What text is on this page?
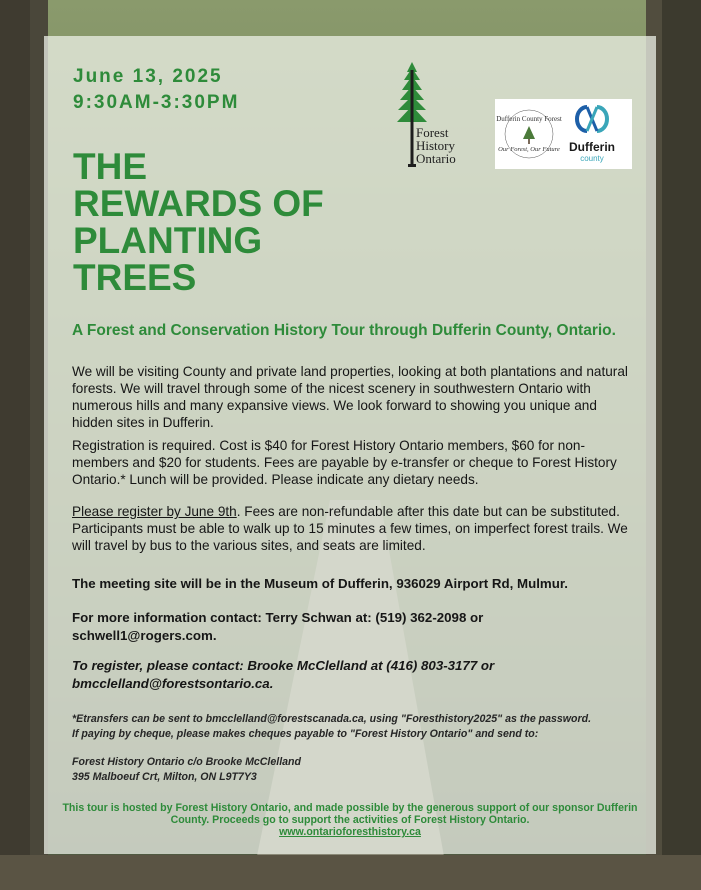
June 13, 2025
9:30AM-3:30PM
THE
REWARDS OF
PLANTING
TREES
Forest
History
Ontario
Dufferin County Forest
Our Forest, Our Future Dufferin
county
A Forest and Conservation History Tour through Dufferin County, Ontario.
We will be visiting County and private land properties, looking at both plantations and natural forests. We will travel through some of the nicest scenery in southwestern Ontario with numerous hills and many expansive views. We look forward to showing you unique and hidden sites in Dufferin.
Registration is required. Cost is $40 for Forest History Ontario members, $60 for non-members and $20 for students. Fees are payable by e-transfer or cheque to Forest History Ontario.* Lunch will be provided. Please indicate any dietary needs.
Please register by June 9th. Fees are non-refundable after this date but can be substituted. Participants must be able to walk up to 15 minutes a few times, on imperfect forest trails. We will travel by bus to the various sites, and seats are limited.
The meeting site will be in the Museum of Dufferin, 936029 Airport Rd, Mulmur.
For more information contact: Terry Schwan at: (519) 362-2098 or schwell1@rogers.com.
To register, please contact: Brooke McClelland at (416) 803-3177 or bmcclelland@forestsontario.ca.
*Etransfers can be sent to bmcclelland@forestscanada.ca, using "Foresthistory2025" as the password.
If paying by cheque, please makes cheques payable to "Forest History Ontario" and send to:
Forest History Ontario c/o Brooke McClelland
395 Malboeuf Crt, Milton, ON L9T7Y3
This tour is hosted by Forest History Ontario, and made possible by the generous support of our sponsor Dufferin County. Proceeds go to support the activities of Forest History Ontario.
www.ontarioforesthistory.ca
